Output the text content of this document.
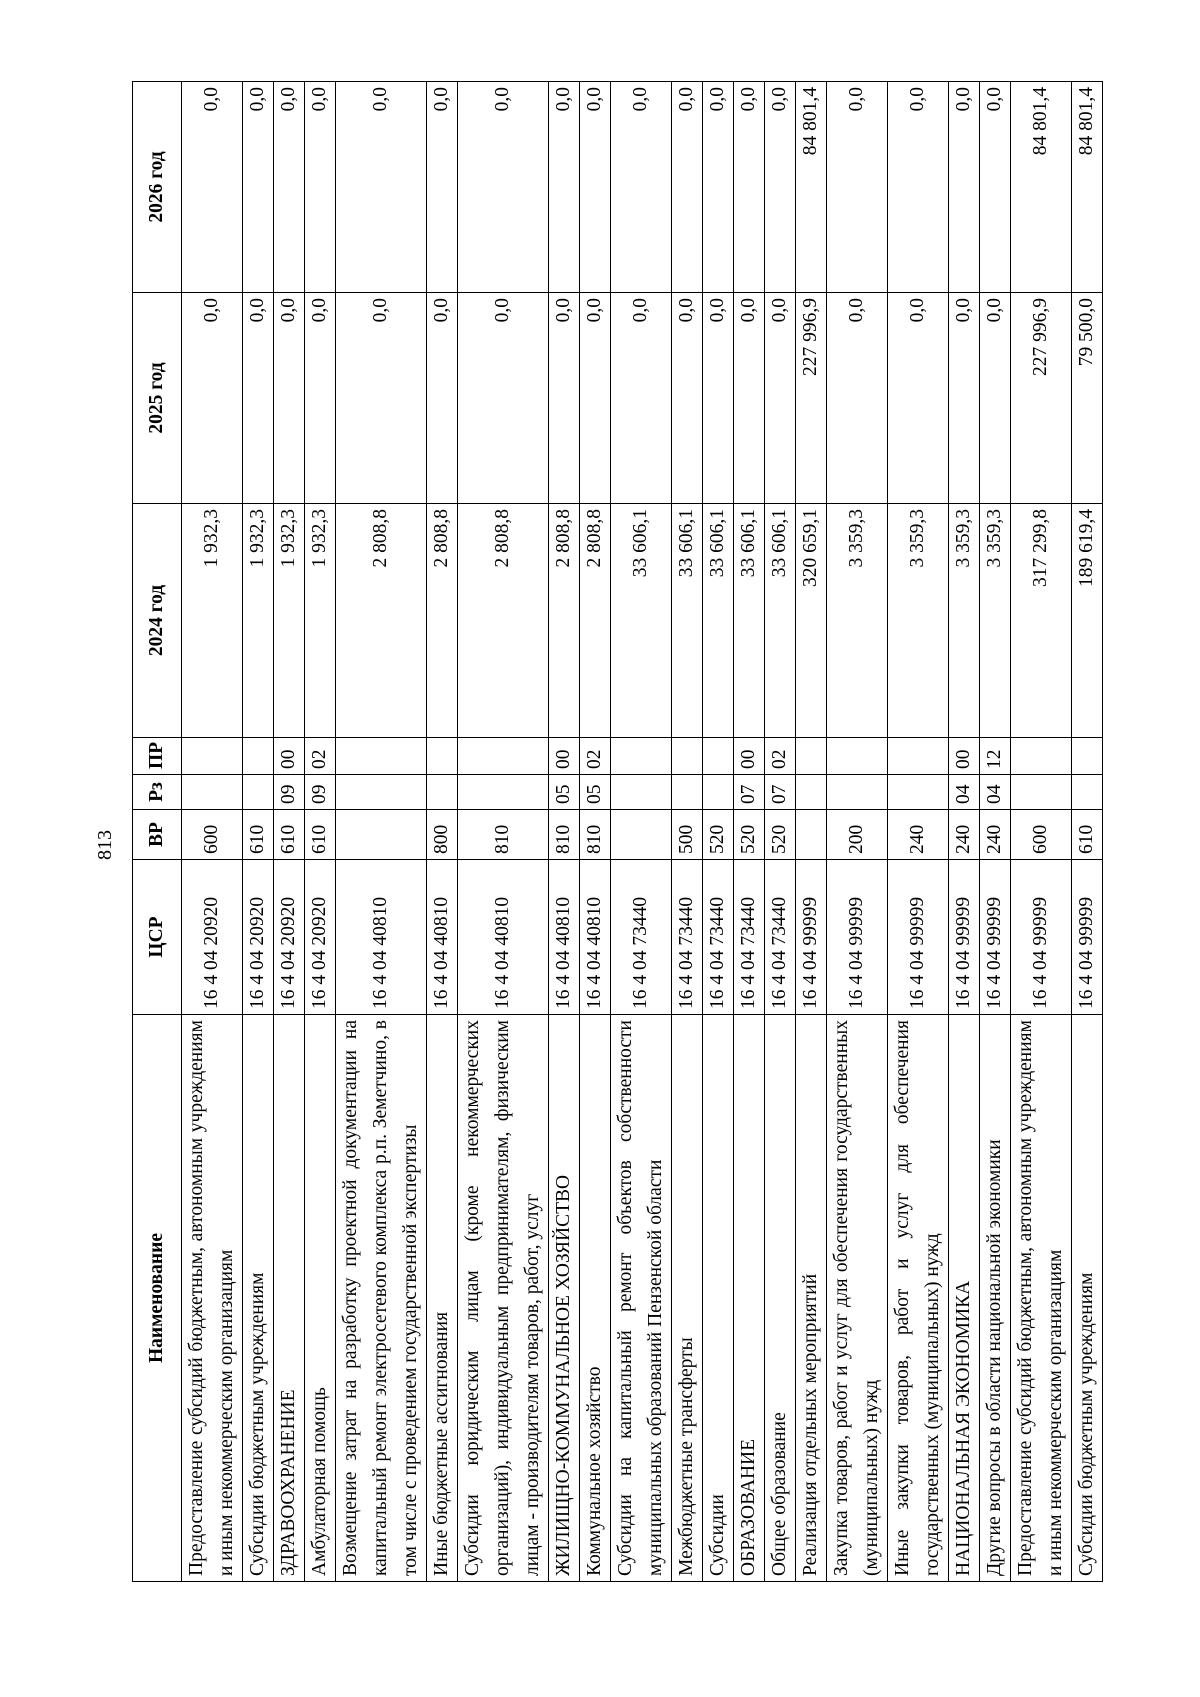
813
Наименование	ЦСР	ВР	Рз	ПР	2024 год	2025 год	2026 год
Предоставление субсидий бюджетным, автономным учреждениям и иным некоммерческим организациям	16 4 04 20920	600			1 932,3	0,0	0,0
Субсидии бюджетным учреждениям	16 4 04 20920	610			1 932,3	0,0	0,0
ЗДРАВООХРАНЕНИЕ	16 4 04 20920	610	09	00	1 932,3	0,0	0,0
Амбулаторная помощь	16 4 04 20920	610	09	02	1 932,3	0,0	0,0
Возмещение затрат на разработку проектной документации на капитальный ремонт электросетевого комплекса р.п. Земетчино, в том числе с проведением государственной экспертизы	16 4 04 40810				2 808,8	0,0	0,0
Иные бюджетные ассигнования	16 4 04 40810	800			2 808,8	0,0	0,0
Субсидии юридическим лицам (кроме некоммерческих организаций), индивидуальным предпринимателям, физическим лицам - производителям товаров, работ, услуг	16 4 04 40810	810			2 808,8	0,0	0,0
ЖИЛИЩНО-КОММУНАЛЬНОЕ ХОЗЯЙСТВО	16 4 04 40810	810	05	00	2 808,8	0,0	0,0
Коммунальное хозяйство	16 4 04 40810	810	05	02	2 808,8	0,0	0,0
Субсидии на капитальный ремонт объектов собственности муниципальных образований Пензенской области	16 4 04 73440				33 606,1	0,0	0,0
Межбюджетные трансферты	16 4 04 73440	500			33 606,1	0,0	0,0
Субсидии	16 4 04 73440	520			33 606,1	0,0	0,0
ОБРАЗОВАНИЕ	16 4 04 73440	520	07	00	33 606,1	0,0	0,0
Общее образование	16 4 04 73440	520	07	02	33 606,1	0,0	0,0
Реализация отдельных мероприятий	16 4 04 99999				320 659,1	227 996,9	84 801,4
Закупка товаров, работ и услуг для обеспечения государственных (муниципальных) нужд	16 4 04 99999	200			3 359,3	0,0	0,0
Иные закупки товаров, работ и услуг для обеспечения государственных (муниципальных) нужд	16 4 04 99999	240			3 359,3	0,0	0,0
НАЦИОНАЛЬНАЯ ЭКОНОМИКА	16 4 04 99999	240	04	00	3 359,3	0,0	0,0
Другие вопросы в области национальной экономики	16 4 04 99999	240	04	12	3 359,3	0,0	0,0
Предоставление субсидий бюджетным, автономным учреждениям и иным некоммерческим организациям	16 4 04 99999	600			317 299,8	227 996,9	84 801,4
Субсидии бюджетным учреждениям	16 4 04 99999	610			189 619,4	79 500,0	84 801,4
